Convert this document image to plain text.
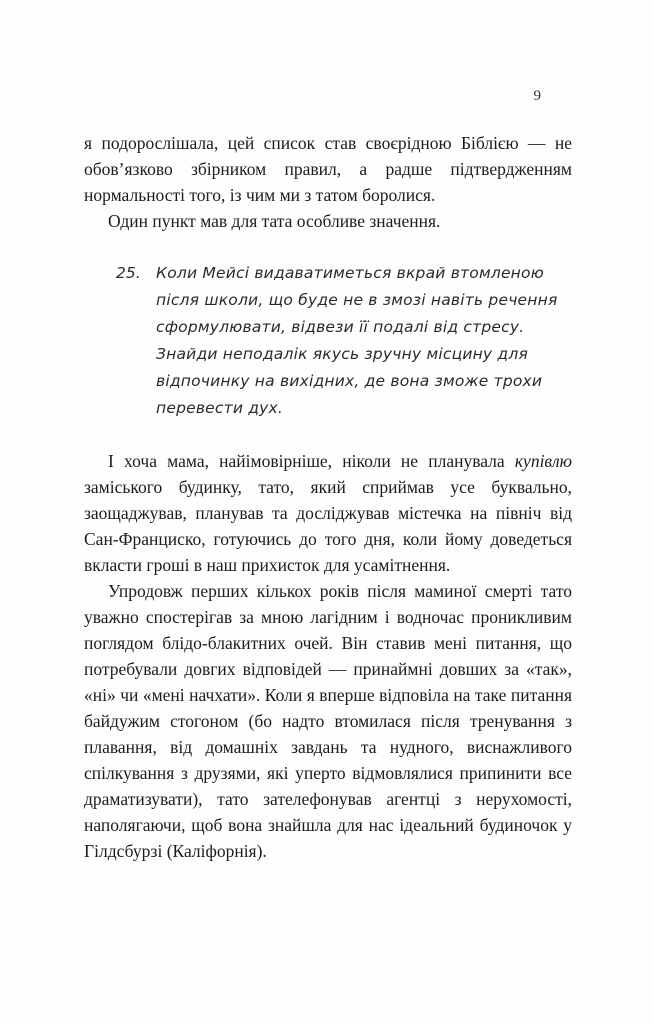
9

я подорослішала, цей список став своєрідною Біблією — не обов’язково збірником правил, а радше підтвердженням нормальності того, із чим ми з татом боролися.

Один пункт мав для тата особливе значення.

25. Коли Мейсі видаватиметься вкрай втомленою після школи, що буде не в змозі навіть речення сформулювати, відвези її подалі від стресу. Знайди неподалік якусь зручну місцину для відпочинку на вихідних, де вона зможе трохи перевести дух.

І хоча мама, найімовірніше, ніколи не планувала купівлю заміського будинку, тато, який сприймав усе буквально, заощаджував, планував та досліджував містечка на північ від Сан-Франциско, готуючись до того дня, коли йому доведеться вкласти гроші в наш прихисток для усамітнення.

Упродовж перших кількох років після маминої смерті тато уважно спостерігав за мною лагідним і водночас проникливим поглядом блідо-блакитних очей. Він ставив мені питання, що потребували довгих відповідей — принаймні довших за «так», «ні» чи «мені начхати». Коли я вперше відповіла на таке питання байдужим стогоном (бо надто втомилася після тренування з плавання, від домашніх завдань та нудного, виснажливого спілкування з друзями, які уперто відмовлялися припинити все драматизувати), тато зателефонував агентці з нерухомості, наполягаючи, щоб вона знайшла для нас ідеальний будиночок у Гілдсбурзі (Каліфорнія).
